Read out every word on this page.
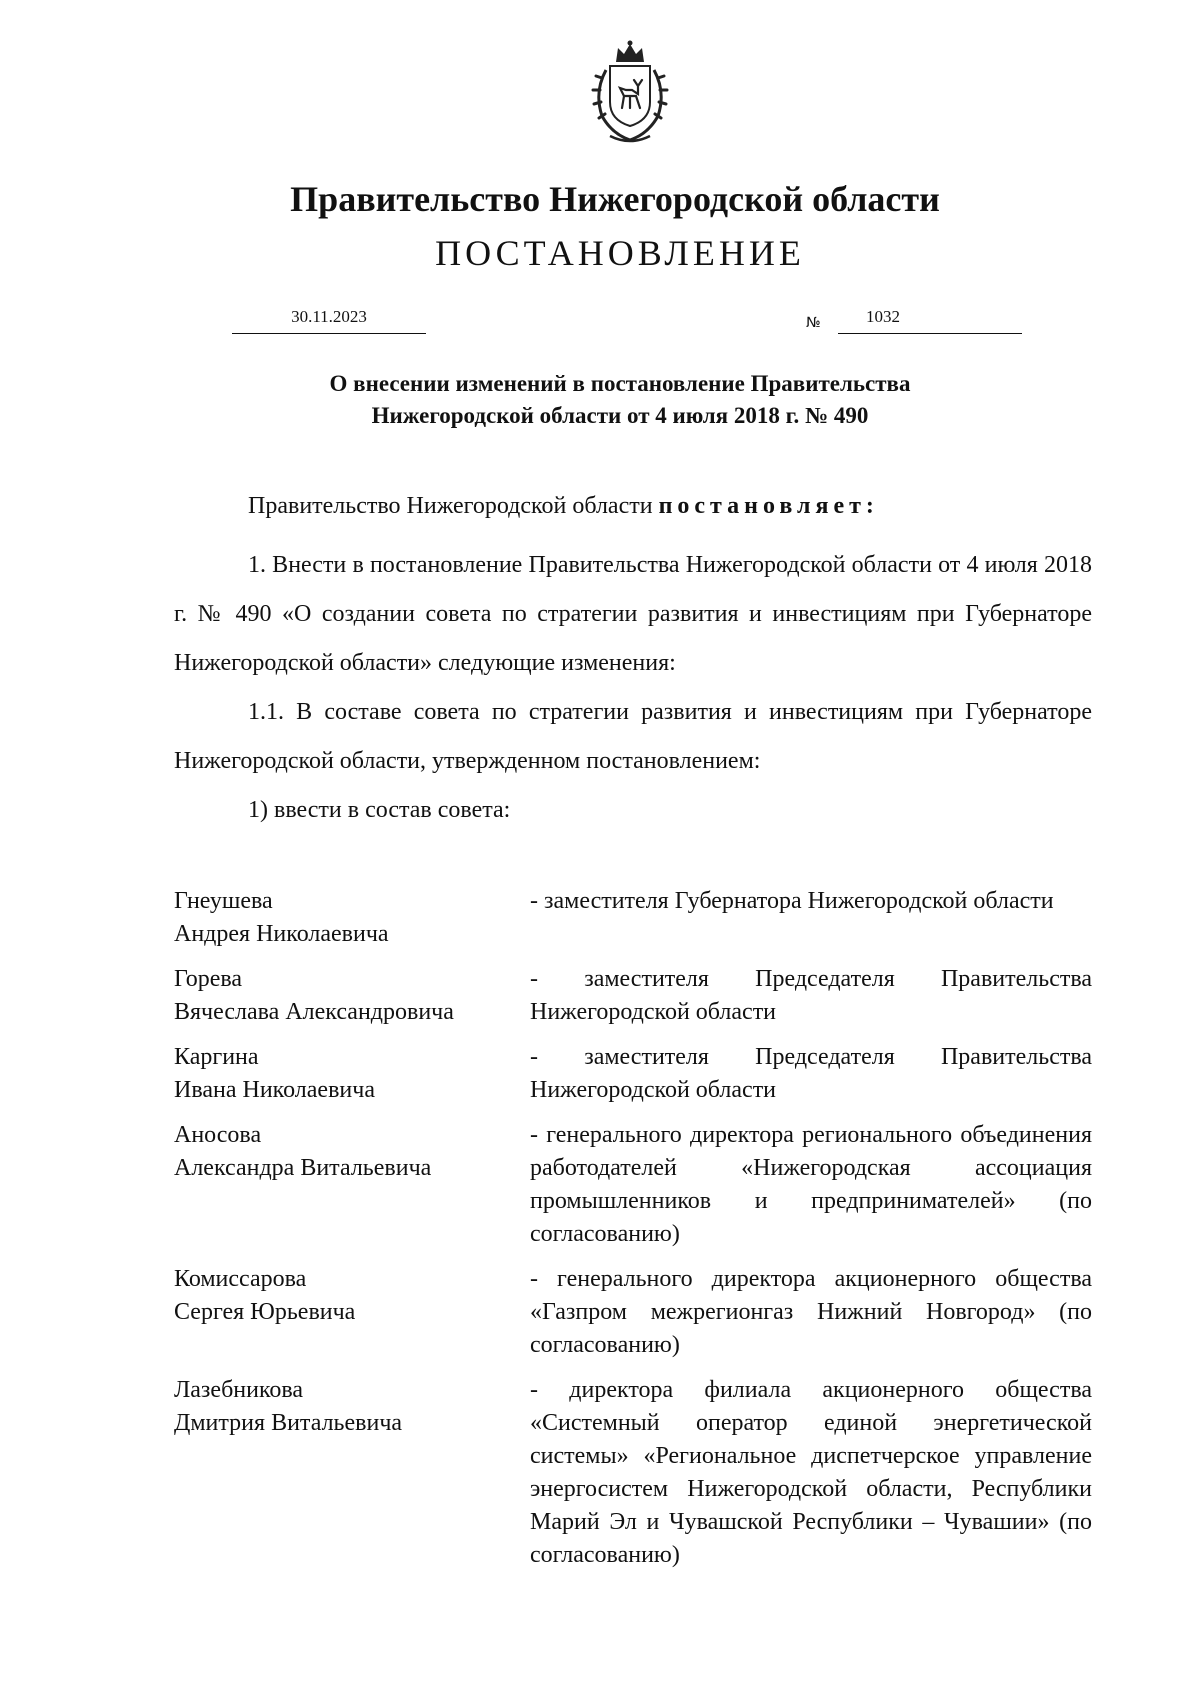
Правительство Нижегородской области
ПОСТАНОВЛЕНИЕ
30.11.2023	№	1032
О внесении изменений в постановление Правительства
Нижегородской области от 4 июля 2018 г. № 490
Правительство Нижегородской области постановляет:

1. Внести в постановление Правительства Нижегородской области от 4 июля 2018 г. № 490 «О создании совета по стратегии развития и инвестициям при Губернаторе Нижегородской области» следующие изменения:

1.1. В составе совета по стратегии развития и инвестициям при Губернаторе Нижегородской области, утвержденном постановлением:

1) ввести в состав совета:

Гнеушева
Андрея Николаевича
- заместителя Губернатора Нижегородской области
Горева
Вячеслава Александровича
- заместителя Председателя Правительства Нижегородской области
Каргина
Ивана Николаевича
- заместителя Председателя Правительства Нижегородской области
Аносова
Александра Витальевича
- генерального директора регионального объединения работодателей «Нижегородская ассоциация промышленников и предпринимателей» (по согласованию)
Комиссарова
Сергея Юрьевича
- генерального директора акционерного общества «Газпром межрегионгаз Нижний Новгород» (по согласованию)
Лазебникова
Дмитрия Витальевича
- директора филиала акционерного общества «Системный оператор единой энергетической системы» «Региональное диспетчерское управление энергосистем Нижегородской области, Республики Марий Эл и Чувашской Республики – Чувашии» (по согласованию)
